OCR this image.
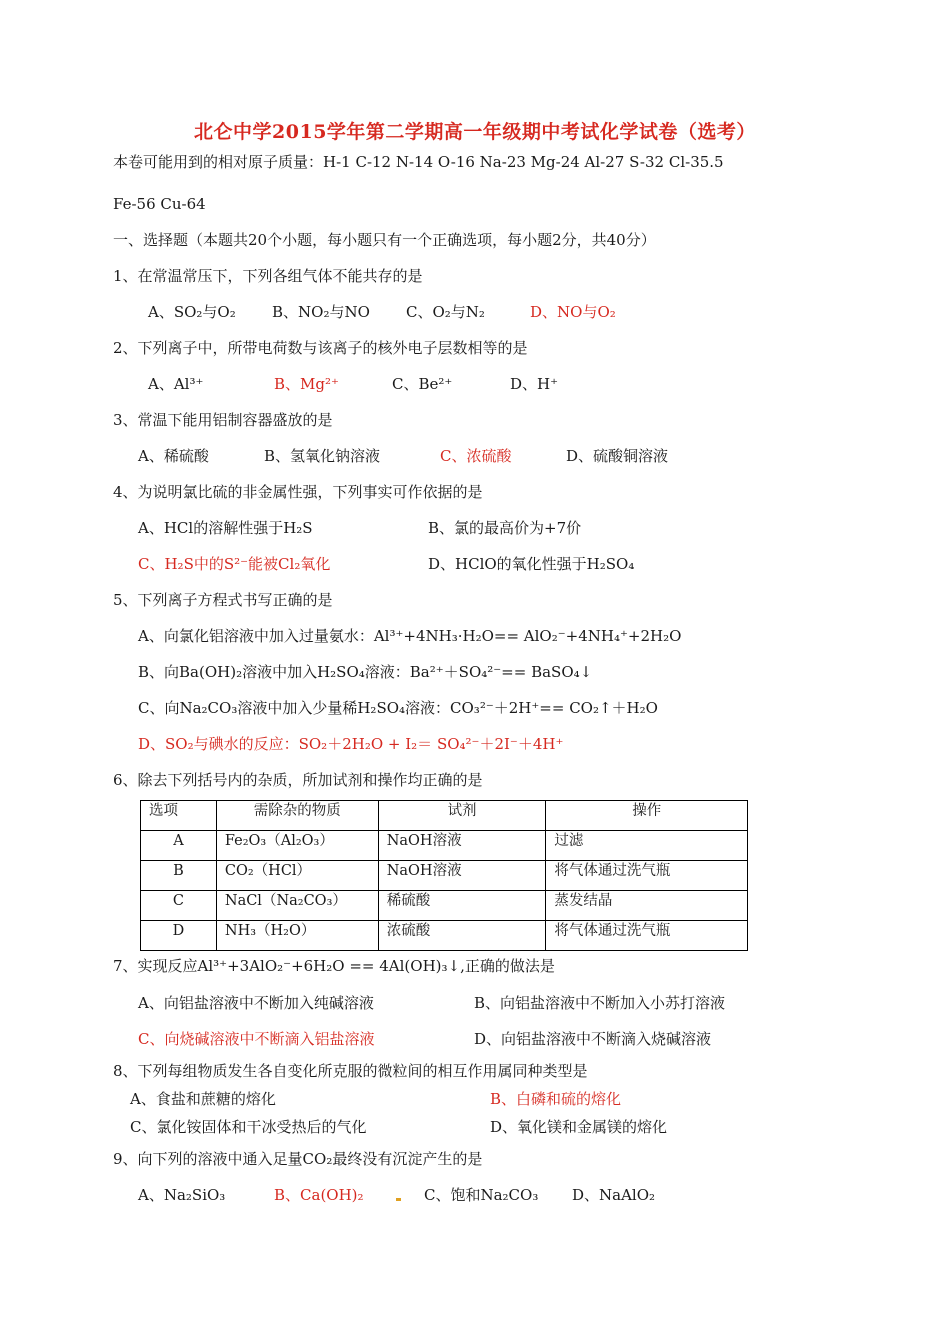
北仑中学2015学年第二学期高一年级期中考试化学试卷（选考）
本卷可能用到的相对原子质量：H-1 C-12 N-14 O-16 Na-23 Mg-24 Al-27 S-32 Cl-35.5
Fe-56 Cu-64
一、选择题（本题共20个小题，每小题只有一个正确选项，每小题2分，共40分）
1、在常温常压下，下列各组气体不能共存的是
A、SO₂与O₂ B、NO₂与NO C、O₂与N₂	D、NO与O₂
2、下列离子中，所带电荷数与该离子的核外电子层数相等的是
A、Al³⁺	B、Mg²⁺	C、Be²⁺	D、H⁺
3、常温下能用铝制容器盛放的是
A、稀硫酸	B、氢氧化钠溶液	C、浓硫酸	D、硫酸铜溶液
4、为说明氯比硫的非金属性强，下列事实可作依据的是
A、HCl的溶解性强于H₂S	B、氯的最高价为+7价
C、H₂S中的S²⁻能被Cl₂氧化	D、HClO的氧化性强于H₂SO₄
5、下列离子方程式书写正确的是
A、向氯化铝溶液中加入过量氨水：Al³⁺+4NH₃·H₂O== AlO₂⁻+4NH₄⁺+2H₂O
B、向Ba(OH)₂溶液中加入H₂SO₄溶液：Ba²⁺＋SO₄²⁻== BaSO₄↓
C、向Na₂CO₃溶液中加入少量稀H₂SO₄溶液：CO₃²⁻＋2H⁺== CO₂↑＋H₂O
D、SO₂与碘水的反应：SO₂＋2H₂O + I₂＝ SO₄²⁻＋2I⁻＋4H⁺
6、除去下列括号内的杂质，所加试剂和操作均正确的是
选项	需除杂的物质	试剂	操作
A	Fe₂O₃（Al₂O₃）	NaOH溶液	过滤
B	CO₂（HCl）	NaOH溶液	将气体通过洗气瓶
C	NaCl（Na₂CO₃）	稀硫酸	蒸发结晶
D	NH₃（H₂O）	浓硫酸	将气体通过洗气瓶
7、实现反应Al³⁺+3AlO₂⁻+6H₂O == 4Al(OH)₃↓,正确的做法是
A、向铝盐溶液中不断加入纯碱溶液	B、向铝盐溶液中不断加入小苏打溶液
C、向烧碱溶液中不断滴入铝盐溶液	D、向铝盐溶液中不断滴入烧碱溶液
8、下列每组物质发生各自变化所克服的微粒间的相互作用属同种类型是
A、食盐和蔗糖的熔化	B、白磷和硫的熔化
C、氯化铵固体和干冰受热后的气化	D、氧化镁和金属镁的熔化
9、向下列的溶液中通入足量CO₂最终没有沉淀产生的是
A、Na₂SiO₃	B、Ca(OH)₂	C、饱和Na₂CO₃ D、NaAlO₂
